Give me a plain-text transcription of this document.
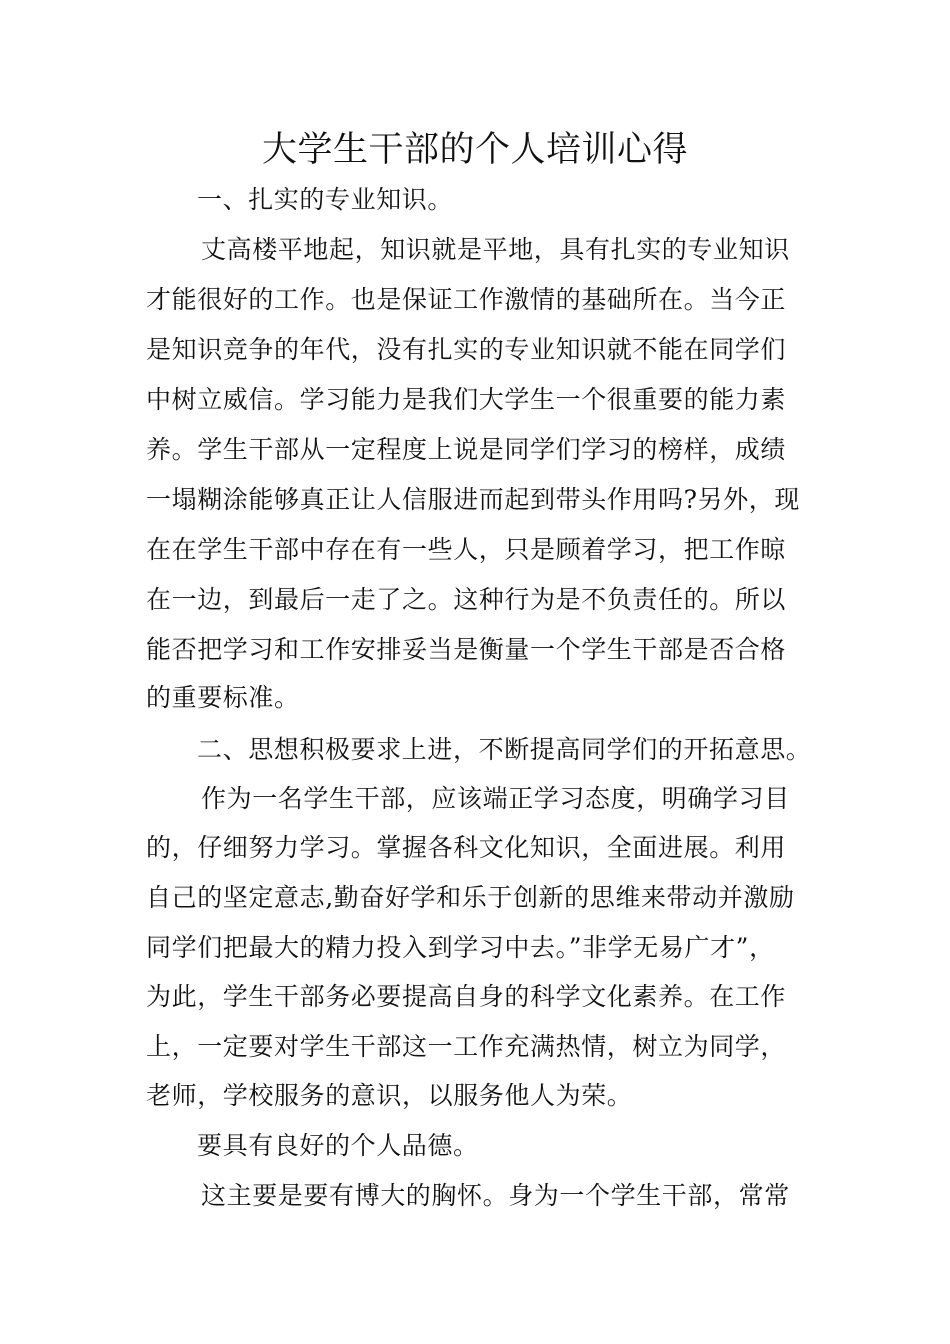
大学生干部的个人培训心得
一、扎实的专业知识。
丈高楼平地起，知识就是平地，具有扎实的专业知识
才能很好的工作。也是保证工作激情的基础所在。当今正
是知识竞争的年代，没有扎实的专业知识就不能在同学们
中树立威信。学习能力是我们大学生一个很重要的能力素
养。学生干部从一定程度上说是同学们学习的榜样，成绩
一塌糊涂能够真正让人信服进而起到带头作用吗?另外，现
在在学生干部中存在有一些人，只是顾着学习，把工作晾
在一边，到最后一走了之。这种行为是不负责任的。所以
能否把学习和工作安排妥当是衡量一个学生干部是否合格
的重要标准。
二、思想积极要求上进，不断提高同学们的开拓意思。
作为一名学生干部，应该端正学习态度，明确学习目
的，仔细努力学习。掌握各科文化知识，全面进展。利用
自己的坚定意志,勤奋好学和乐于创新的思维来带动并激励
同学们把最大的精力投入到学习中去。”非学无易广才”，
为此，学生干部务必要提高自身的科学文化素养。在工作
上，一定要对学生干部这一工作充满热情，树立为同学，
老师，学校服务的意识，以服务他人为荣。
要具有良好的个人品德。
这主要是要有博大的胸怀。身为一个学生干部，常常
